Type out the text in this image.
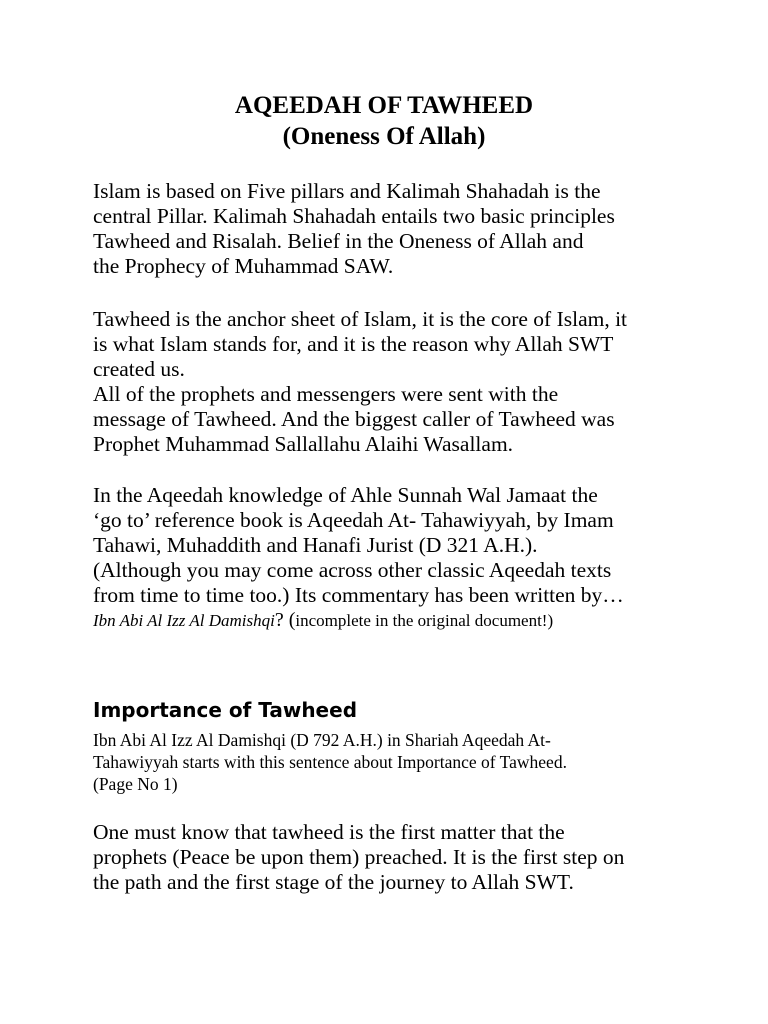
AQEEDAH OF TAWHEED
(Oneness Of Allah)

Islam is based on Five pillars and Kalimah Shahadah is the
central Pillar. Kalimah Shahadah entails two basic principles
Tawheed and Risalah. Belief in the Oneness of Allah and
the Prophecy of Muhammad SAW.

Tawheed is the anchor sheet of Islam, it is the core of Islam, it
is what Islam stands for, and it is the reason why Allah SWT
created us.
All of the prophets and messengers were sent with the
message of Tawheed. And the biggest caller of Tawheed was
Prophet Muhammad Sallallahu Alaihi Wasallam.

In the Aqeedah knowledge of Ahle Sunnah Wal Jamaat the
‘go to’ reference book is Aqeedah At- Tahawiyyah, by Imam
Tahawi, Muhaddith and Hanafi Jurist (D 321 A.H.).
(Although you may come across other classic Aqeedah texts
from time to time too.) Its commentary has been written by…
Ibn Abi Al Izz Al Damishqi? (incomplete in the original document!)

Importance of Tawheed

Ibn Abi Al Izz Al Damishqi (D 792 A.H.) in Shariah Aqeedah At-
Tahawiyyah starts with this sentence about Importance of Tawheed.
(Page No 1)

One must know that tawheed is the first matter that the
prophets (Peace be upon them) preached. It is the first step on
the path and the first stage of the journey to Allah SWT.
